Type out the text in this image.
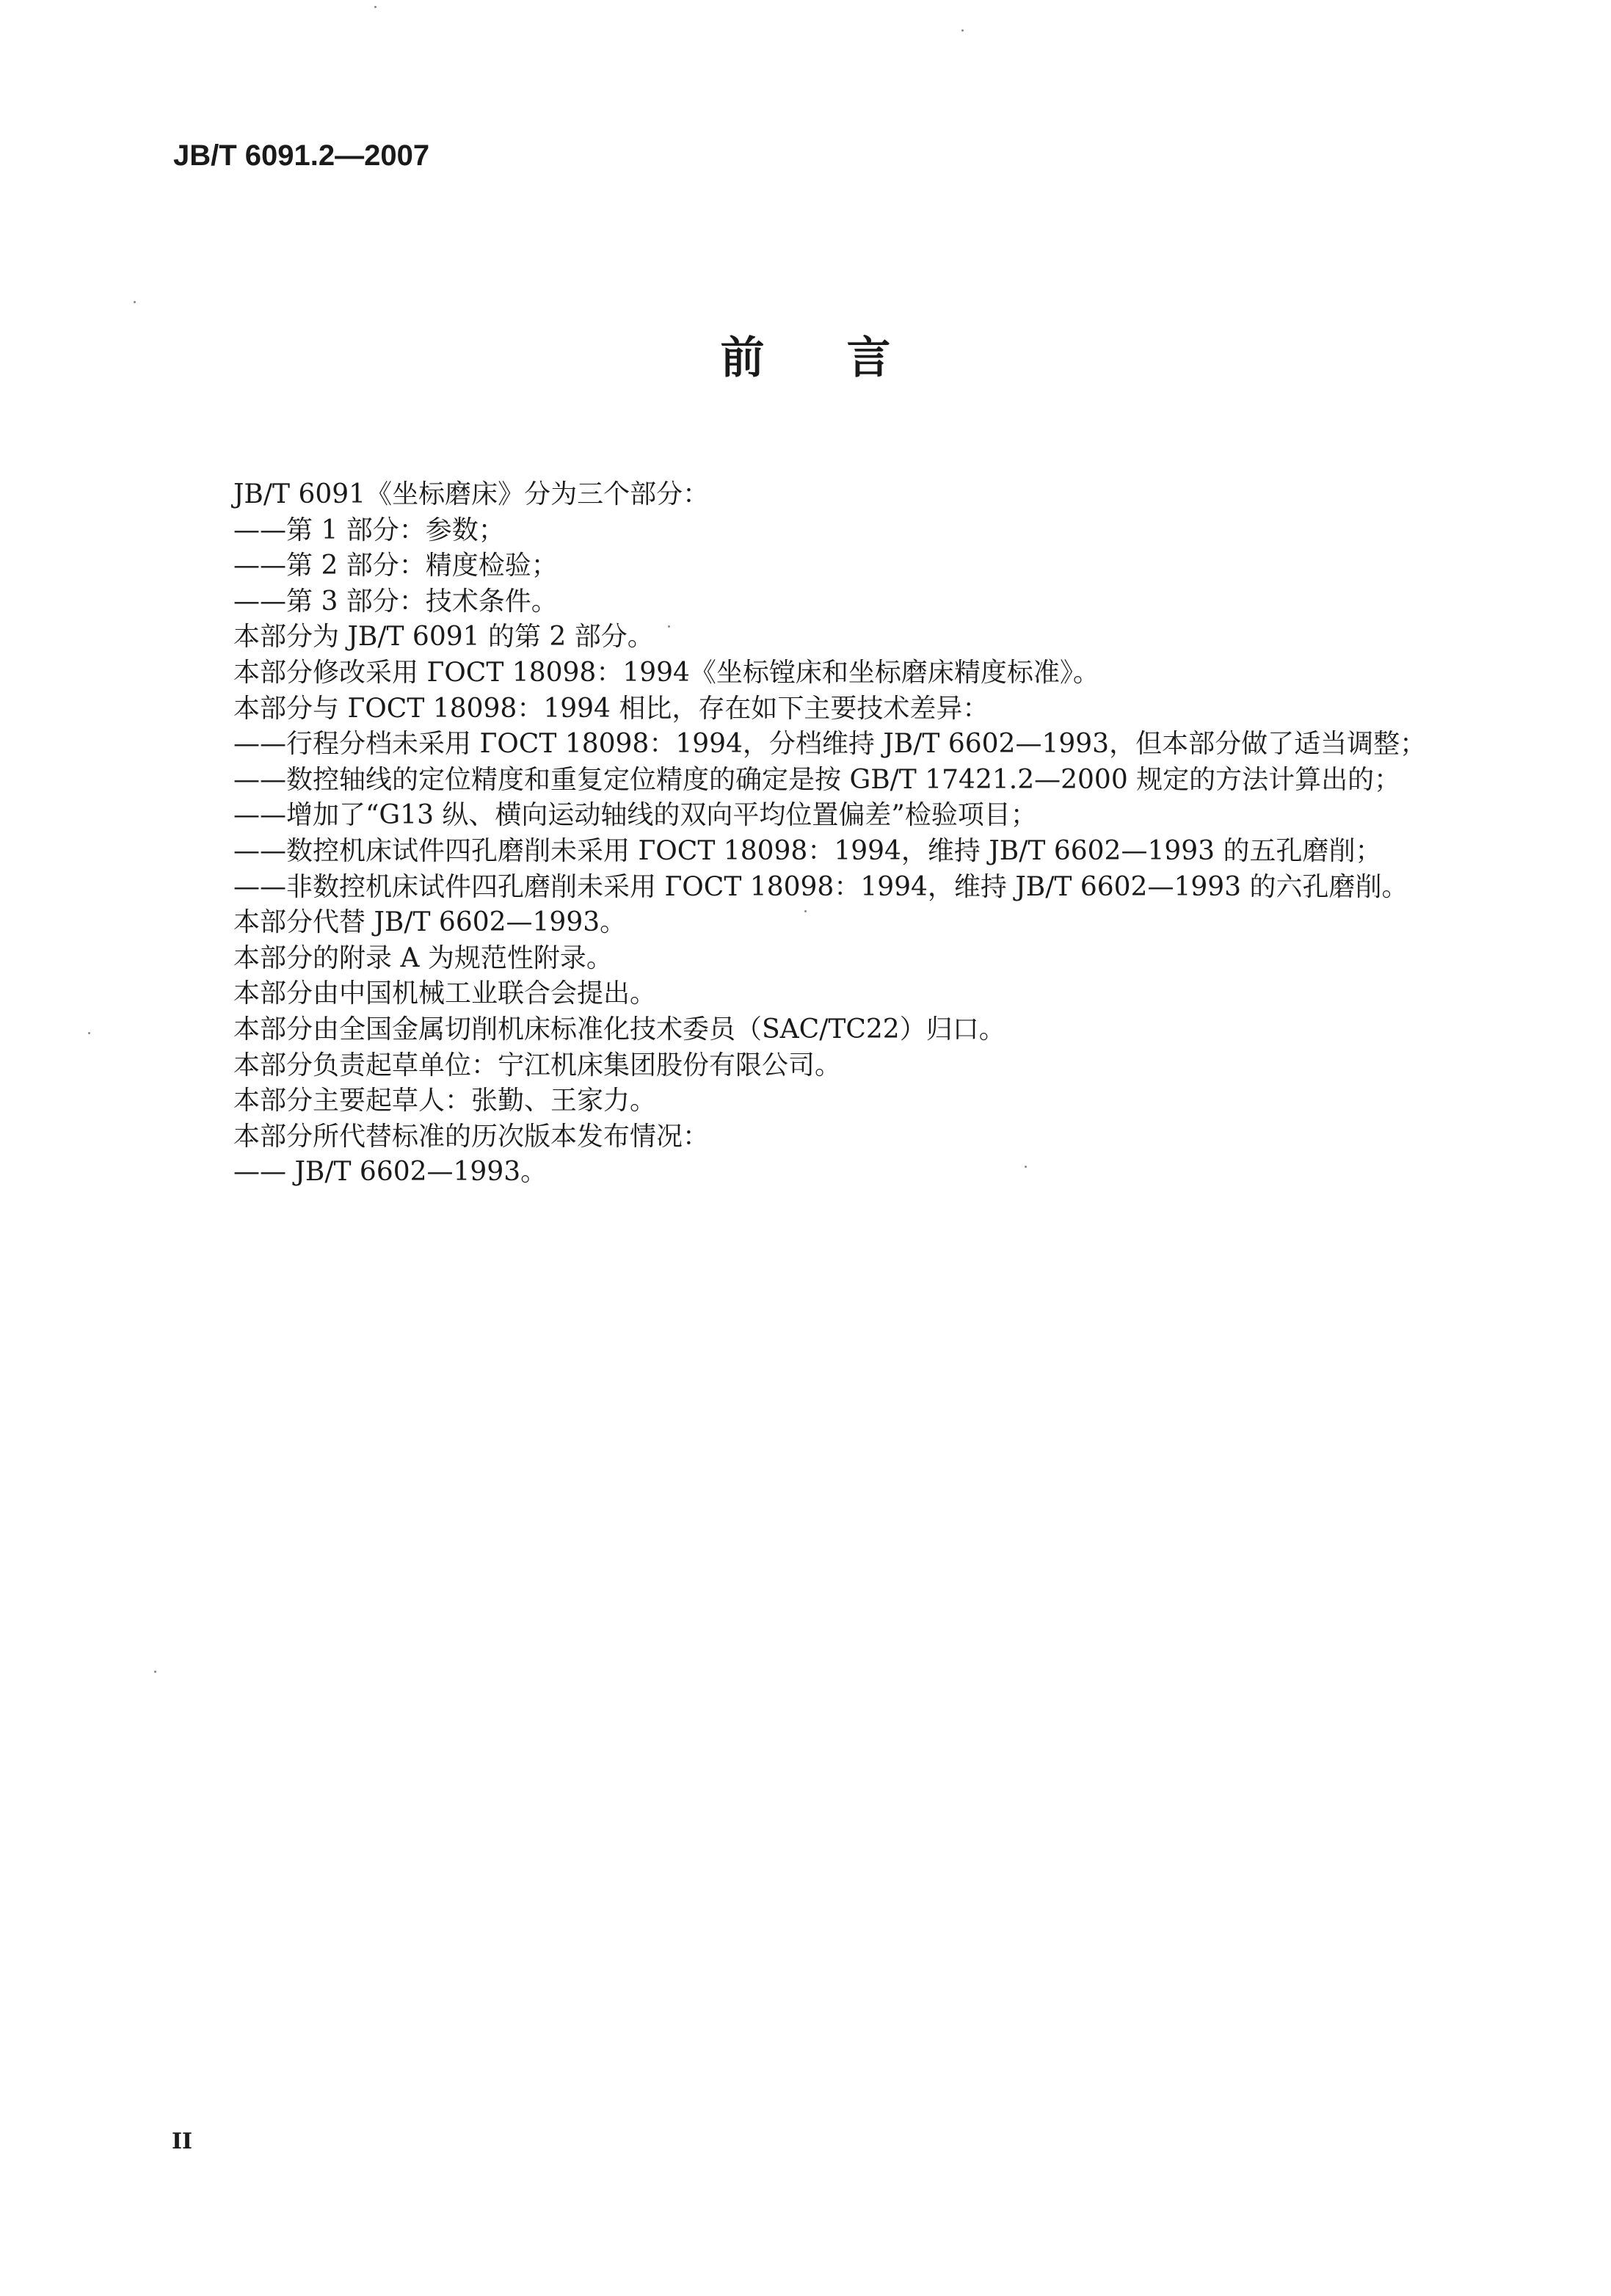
JB/T 6091.2—2007
前言
JB/T 6091《坐标磨床》分为三个部分：
——第 1 部分：参数；
——第 2 部分：精度检验；
——第 3 部分：技术条件。
本部分为 JB/T 6091 的第 2 部分。
本部分修改采用 ГОСТ 18098：1994《坐标镗床和坐标磨床精度标准》。
本部分与 ГОСТ 18098：1994 相比，存在如下主要技术差异：
——行程分档未采用 ГОСТ 18098：1994，分档维持 JB/T 6602—1993，但本部分做了适当调整；
——数控轴线的定位精度和重复定位精度的确定是按 GB/T 17421.2—2000 规定的方法计算出的；
——增加了“G13 纵、横向运动轴线的双向平均位置偏差”检验项目；
——数控机床试件四孔磨削未采用 ГОСТ 18098：1994，维持 JB/T 6602—1993 的五孔磨削；
——非数控机床试件四孔磨削未采用 ГОСТ 18098：1994，维持 JB/T 6602—1993 的六孔磨削。
本部分代替 JB/T 6602—1993。
本部分的附录 A 为规范性附录。
本部分由中国机械工业联合会提出。
本部分由全国金属切削机床标准化技术委员（SAC/TC22）归口。
本部分负责起草单位：宁江机床集团股份有限公司。
本部分主要起草人：张勤、王家力。
本部分所代替标准的历次版本发布情况：
—— JB/T 6602—1993。
II
